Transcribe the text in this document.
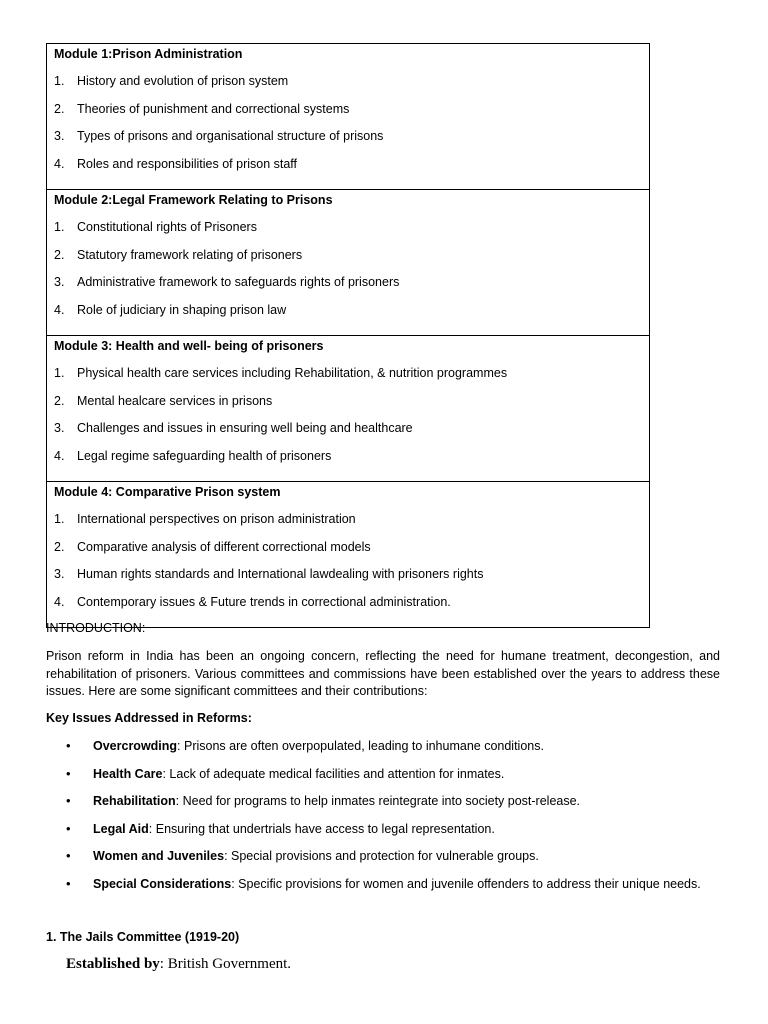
Module 1:Prison Administration
1.	History and evolution of prison system
2.	Theories of punishment and correctional systems
3.	Types of prisons and organisational structure of prisons
4.	Roles and responsibilities of prison staff
Module 2:Legal Framework Relating to Prisons
1.	Constitutional rights of Prisoners
2.	Statutory framework relating of prisoners
3.	Administrative framework to safeguards rights of prisoners
4.	Role of judiciary in shaping prison law
Module 3: Health and well- being of prisoners
1.	Physical health care services including Rehabilitation, & nutrition programmes
2.	Mental healcare services in prisons
3.	Challenges and issues in ensuring well being and healthcare
4.	Legal regime safeguarding health of prisoners
Module 4: Comparative Prison system
1.	International perspectives on prison administration
2.	Comparative analysis of different correctional models
3.	Human rights standards and International lawdealing with prisoners rights
4.	Contemporary issues & Future trends in correctional administration.
INTRODUCTION:
Prison reform in India has been an ongoing concern, reflecting the need for humane treatment, decongestion, and rehabilitation of prisoners. Various committees and commissions have been established over the years to address these issues. Here are some significant committees and their contributions:
Key Issues Addressed in Reforms:
•	Overcrowding: Prisons are often overpopulated, leading to inhumane conditions.
•	Health Care: Lack of adequate medical facilities and attention for inmates.
•	Rehabilitation: Need for programs to help inmates reintegrate into society post-release.
•	Legal Aid: Ensuring that undertrials have access to legal representation.
•	Women and Juveniles: Special provisions and protection for vulnerable groups.
•	Special Considerations: Specific provisions for women and juvenile offenders to address their unique needs.
1. The Jails Committee (1919-20)
Established by: British Government.
